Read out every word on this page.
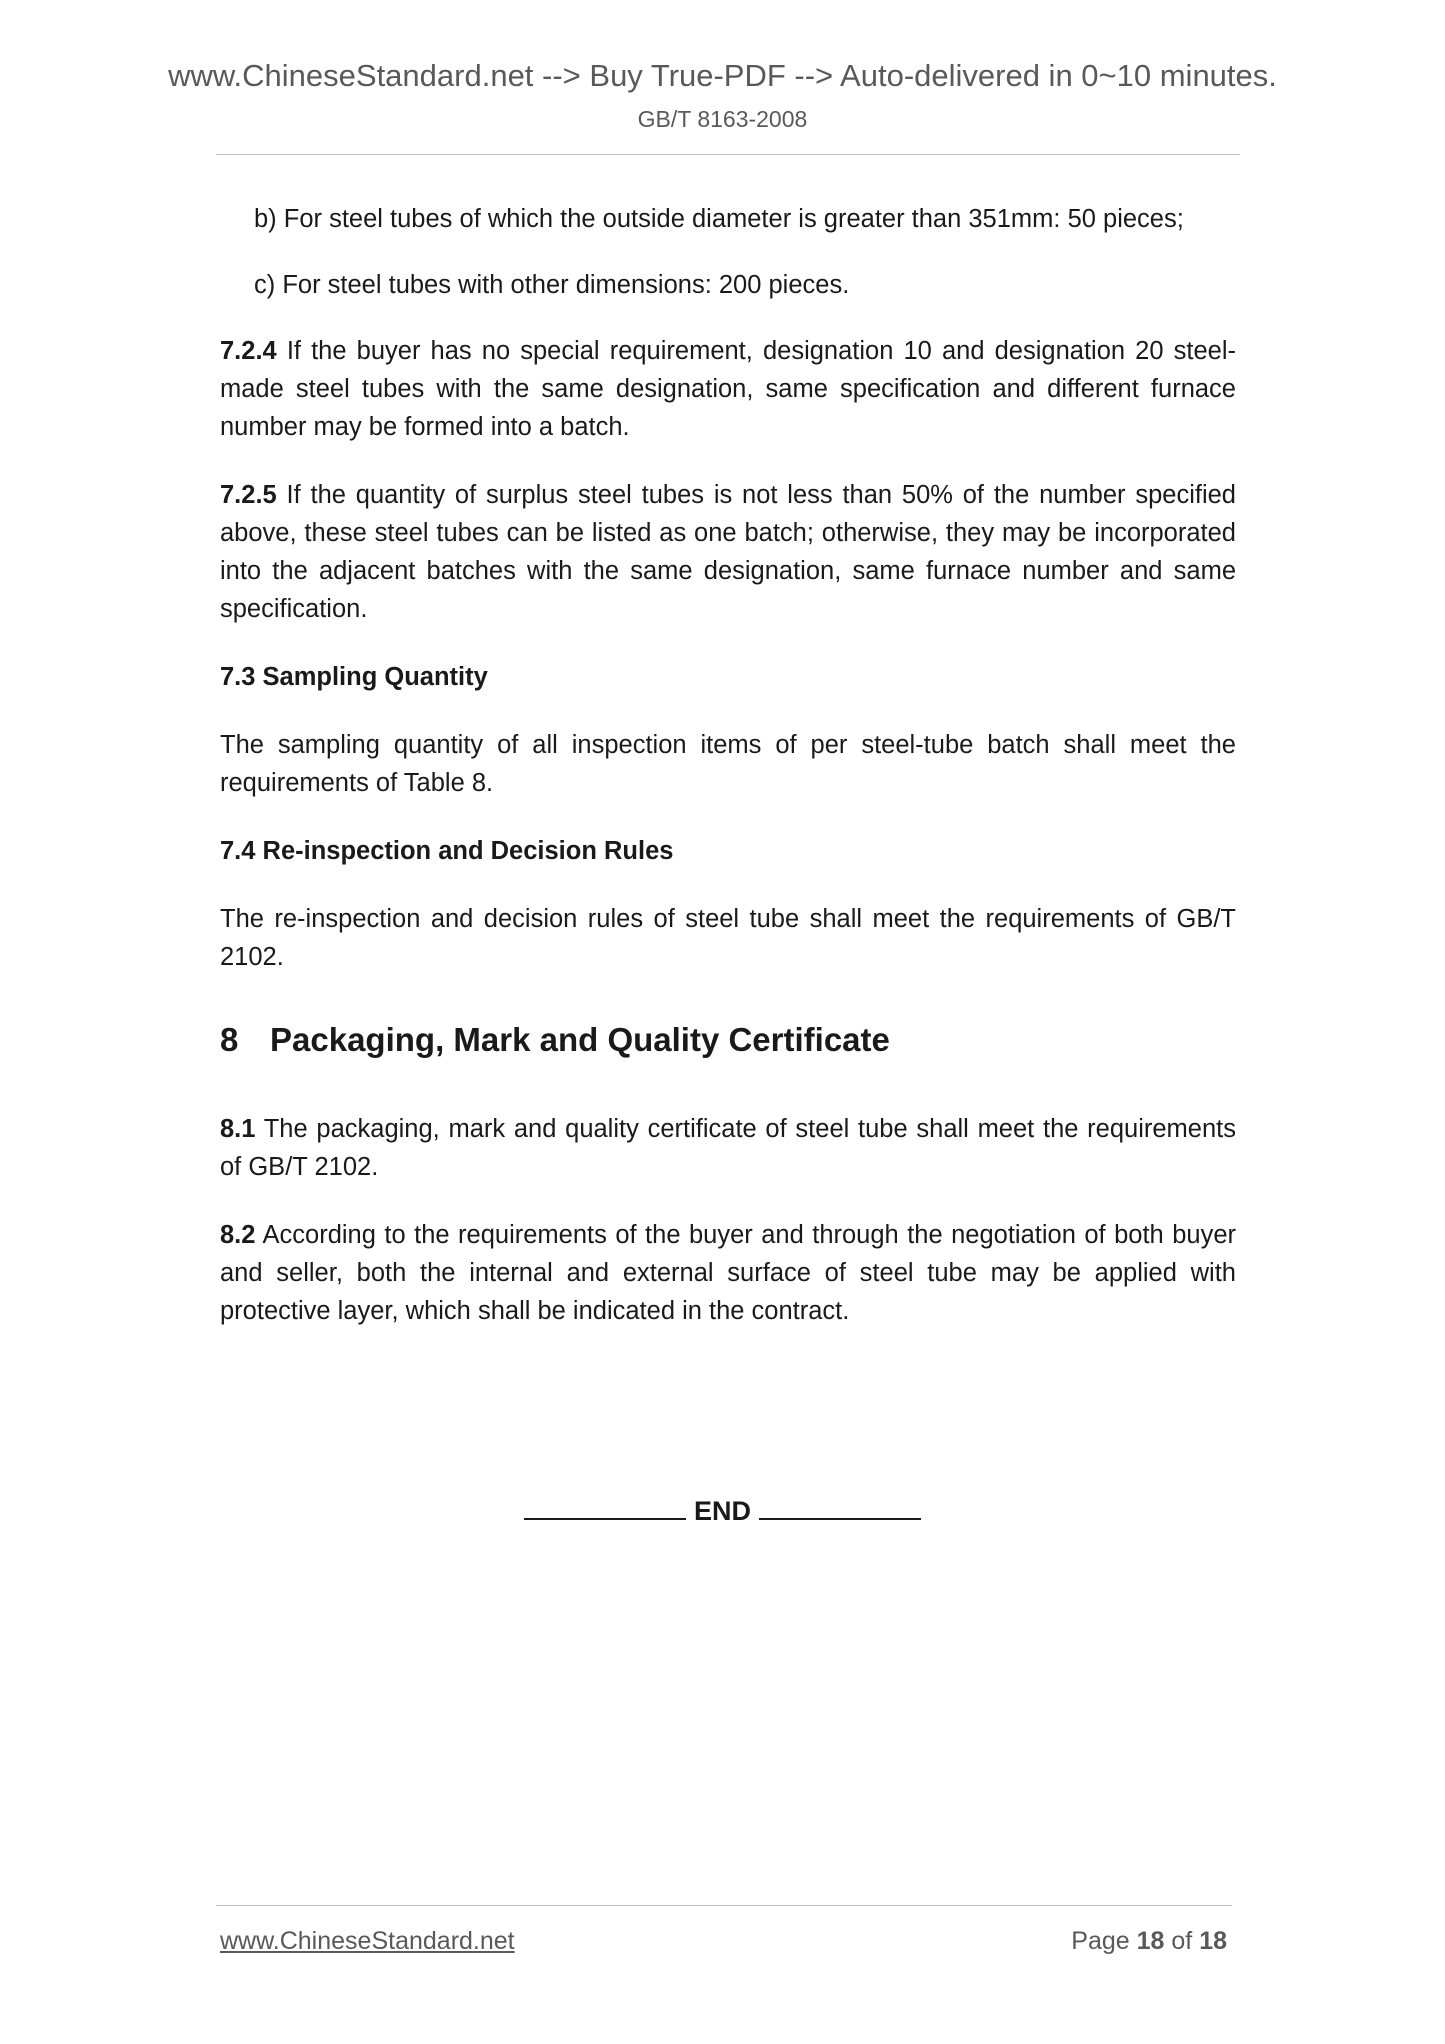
www.ChineseStandard.net --> Buy True-PDF --> Auto-delivered in 0~10 minutes.
GB/T 8163-2008
b) For steel tubes of which the outside diameter is greater than 351mm: 50 pieces;
c) For steel tubes with other dimensions: 200 pieces.
7.2.4 If the buyer has no special requirement, designation 10 and designation 20 steel-made steel tubes with the same designation, same specification and different furnace number may be formed into a batch.
7.2.5 If the quantity of surplus steel tubes is not less than 50% of the number specified above, these steel tubes can be listed as one batch; otherwise, they may be incorporated into the adjacent batches with the same designation, same furnace number and same specification.
7.3 Sampling Quantity
The sampling quantity of all inspection items of per steel-tube batch shall meet the requirements of Table 8.
7.4 Re-inspection and Decision Rules
The re-inspection and decision rules of steel tube shall meet the requirements of GB/T 2102.
8 Packaging, Mark and Quality Certificate
8.1 The packaging, mark and quality certificate of steel tube shall meet the requirements of GB/T 2102.
8.2 According to the requirements of the buyer and through the negotiation of both buyer and seller, both the internal and external surface of steel tube may be applied with protective layer, which shall be indicated in the contract.
END
www.ChineseStandard.net	Page 18 of 18
